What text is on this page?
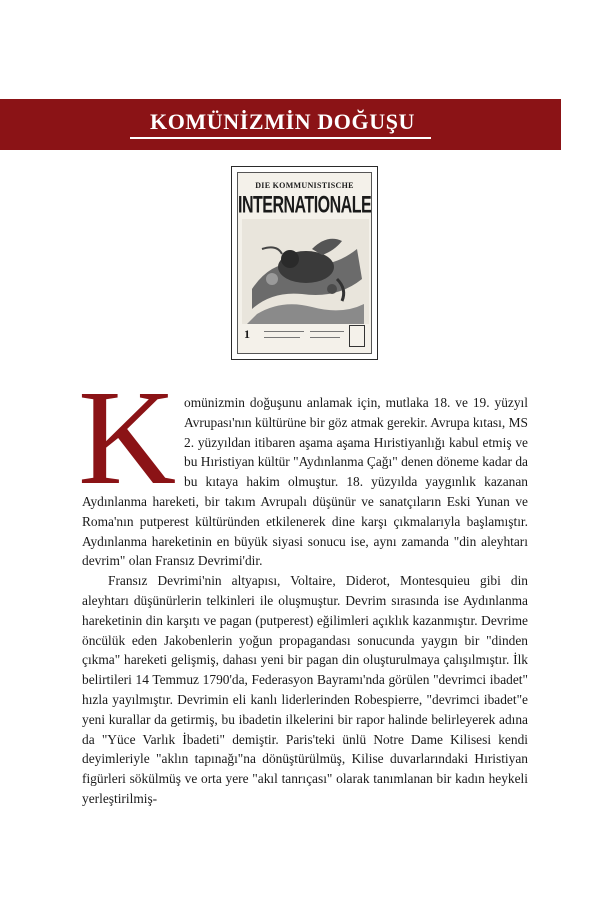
KOMÜNİZMİN DOĞUŞU
DIE KOMMUNISTISCHE
INTERNATIONALE
1

Komünizmin doğuşunu anlamak için, mutlaka 18. ve 19. yüzyıl Avrupası'nın kültürüne bir göz atmak gerekir. Avrupa kıtası, MS 2. yüzyıldan itibaren aşama aşama Hıristiyanlığı kabul etmiş ve bu Hıristiyan kültür "Aydınlanma Çağı" denen döneme kadar da bu kıtaya hakim olmuştur. 18. yüzyılda yaygınlık kazanan Aydınlanma hareketi, bir takım Avrupalı düşünür ve sanatçıların Eski Yunan ve Roma'nın putperest kültüründen etkilenerek dine karşı çıkmalarıyla başlamıştır. Aydınlanma hareketinin en büyük siyasi sonucu ise, aynı zamanda "din aleyhtarı devrim" olan Fransız Devrimi'dir.

Fransız Devrimi'nin altyapısı, Voltaire, Diderot, Montesquieu gibi din aleyhtarı düşünürlerin telkinleri ile oluşmuştur. Devrim sırasında ise Aydınlanma hareketinin din karşıtı ve pagan (putperest) eğilimleri açıklık kazanmıştır. Devrime öncülük eden Jakobenlerin yoğun propagandası sonucunda yaygın bir "dinden çıkma" hareketi gelişmiş, dahası yeni bir pagan din oluşturulmaya çalışılmıştır. İlk belirtileri 14 Temmuz 1790'da, Federasyon Bayramı'nda görülen "devrimci ibadet" hızla yayılmıştır. Devrimin eli kanlı liderlerinden Robespierre, "devrimci ibadet"e yeni kurallar da getirmiş, bu ibadetin ilkelerini bir rapor halinde belirleyerek adına da "Yüce Varlık İbadeti" demiştir. Paris'teki ünlü Notre Dame Kilisesi kendi deyimleriyle "aklın tapınağı"na dönüştürülmüş, Kilise duvarlarındaki Hıristiyan figürleri sökülmüş ve orta yere "akıl tanrıçası" olarak tanımlanan bir kadın heykeli yerleştirilmiş-
